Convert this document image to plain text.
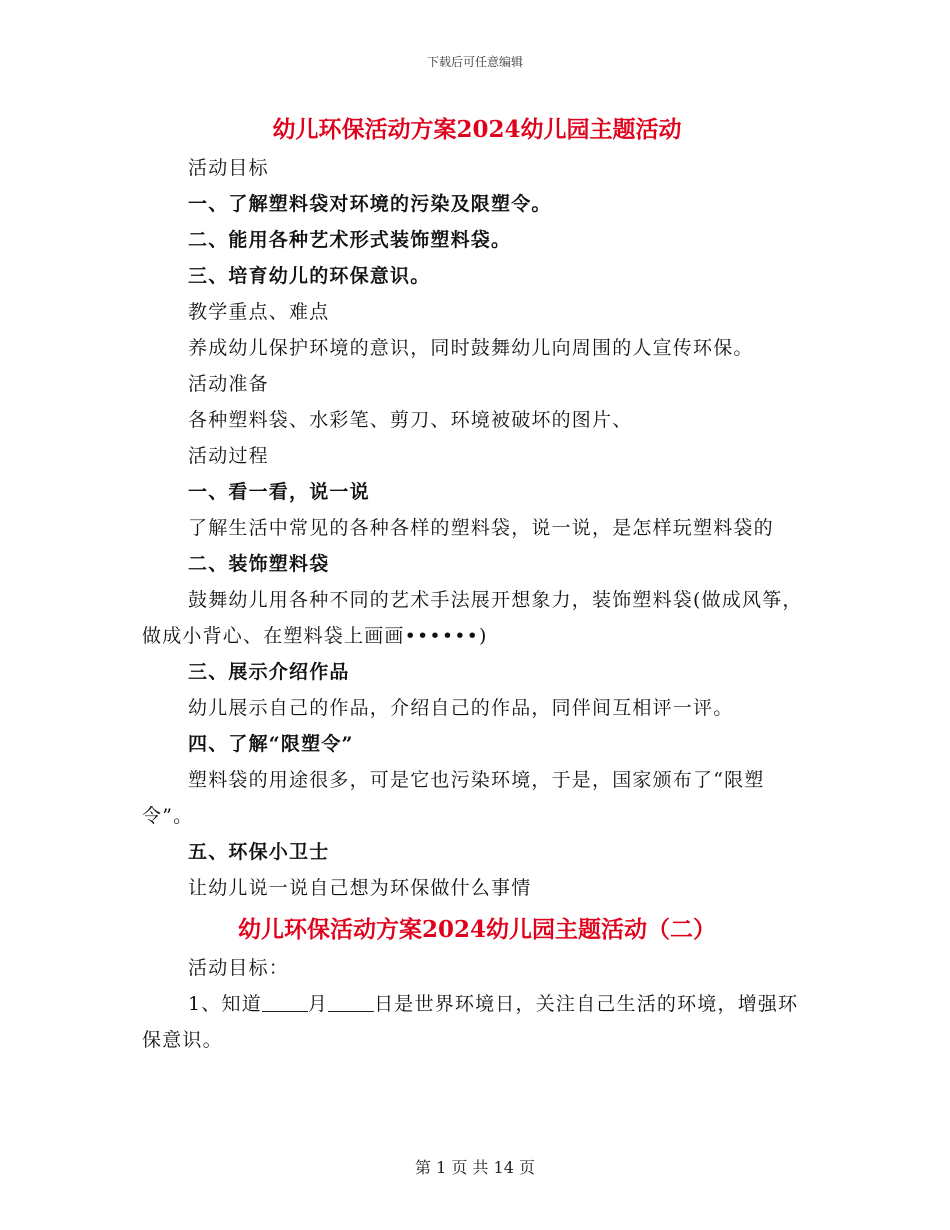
下载后可任意编辑
幼儿环保活动方案2024幼儿园主题活动

活动目标

一、了解塑料袋对环境的污染及限塑令。

二、能用各种艺术形式装饰塑料袋。

三、培育幼儿的环保意识。

教学重点、难点

养成幼儿保护环境的意识，同时鼓舞幼儿向周围的人宣传环保。

活动准备

各种塑料袋、水彩笔、剪刀、环境被破坏的图片、

活动过程

一、看一看，说一说

了解生活中常见的各种各样的塑料袋，说一说，是怎样玩塑料袋的

二、装饰塑料袋

鼓舞幼儿用各种不同的艺术手法展开想象力，装饰塑料袋(做成风筝，做成小背心、在塑料袋上画画••••••)

三、展示介绍作品

幼儿展示自己的作品，介绍自己的作品，同伴间互相评一评。

四、了解“限塑令”

塑料袋的用途很多，可是它也污染环境，于是，国家颁布了“限塑令”。

五、环保小卫士

让幼儿说一说自己想为环保做什么事情

幼儿环保活动方案2024幼儿园主题活动（二）

活动目标：

1、知道 月 日是世界环境日，关注自己生活的环境，增强环保意识。

第 1 页 共 14 页
